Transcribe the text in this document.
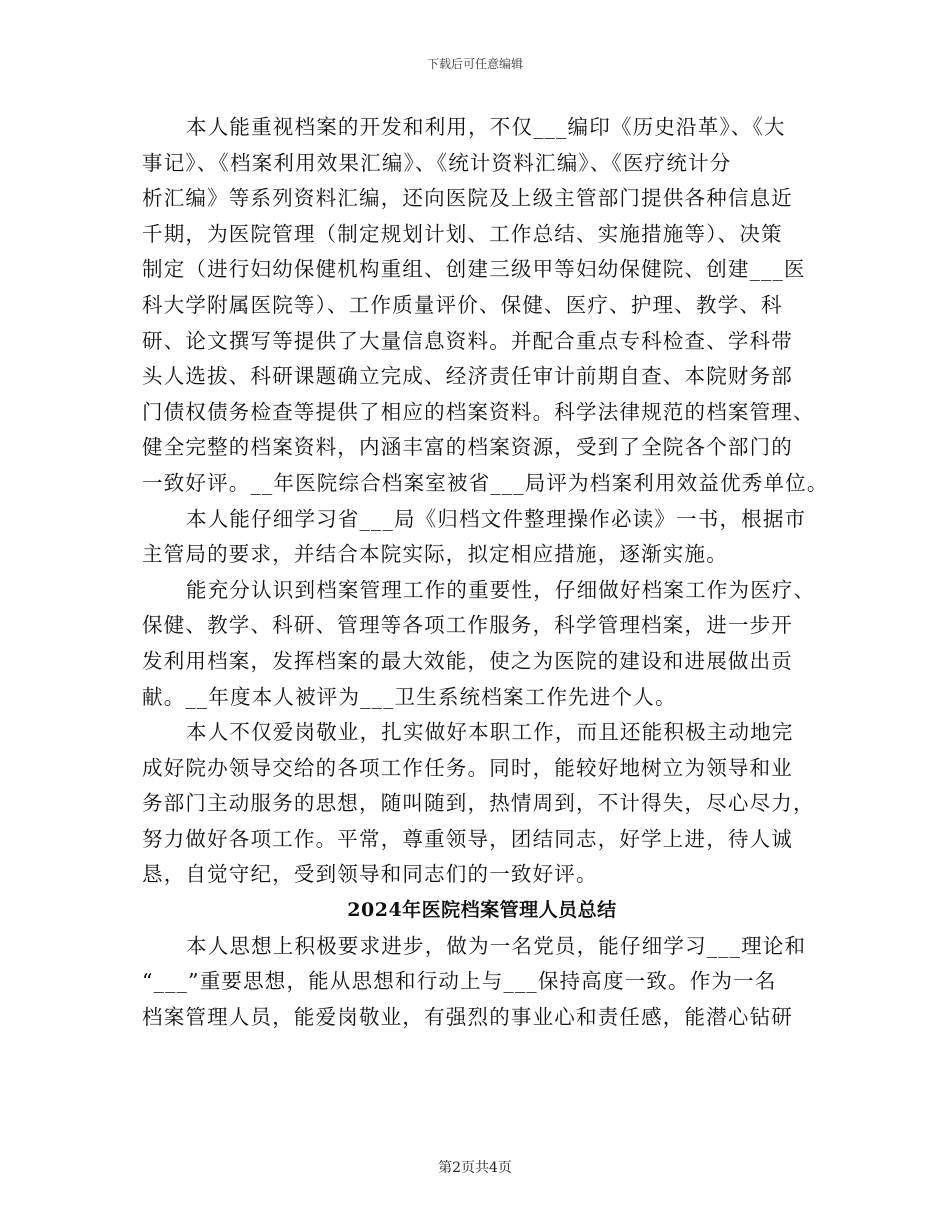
下载后可任意编辑
本人能重视档案的开发和利用，不仅___编印《历史沿革》、《大
事记》、《档案利用效果汇编》、《统计资料汇编》、《医疗统计分
析汇编》等系列资料汇编，还向医院及上级主管部门提供各种信息近
千期，为医院管理（制定规划计划、工作总结、实施措施等）、决策
制定（进行妇幼保健机构重组、创建三级甲等妇幼保健院、创建___医
科大学附属医院等）、工作质量评价、保健、医疗、护理、教学、科
研、论文撰写等提供了大量信息资料。并配合重点专科检查、学科带
头人选拔、科研课题确立完成、经济责任审计前期自查、本院财务部
门债权债务检查等提供了相应的档案资料。科学法律规范的档案管理、
健全完整的档案资料，内涵丰富的档案资源，受到了全院各个部门的
一致好评。__年医院综合档案室被省___局评为档案利用效益优秀单位。
本人能仔细学习省___局《归档文件整理操作必读》一书，根据市
主管局的要求，并结合本院实际，拟定相应措施，逐渐实施。
能充分认识到档案管理工作的重要性，仔细做好档案工作为医疗、
保健、教学、科研、管理等各项工作服务，科学管理档案，进一步开
发利用档案，发挥档案的最大效能，使之为医院的建设和进展做出贡
献。__年度本人被评为___卫生系统档案工作先进个人。
本人不仅爱岗敬业，扎实做好本职工作，而且还能积极主动地完
成好院办领导交给的各项工作任务。同时，能较好地树立为领导和业
务部门主动服务的思想，随叫随到，热情周到，不计得失，尽心尽力，
努力做好各项工作。平常，尊重领导，团结同志，好学上进，待人诚
恳，自觉守纪，受到领导和同志们的一致好评。
2024年医院档案管理人员总结
本人思想上积极要求进步，做为一名党员，能仔细学习___理论和
“___”重要思想，能从思想和行动上与___保持高度一致。作为一名
档案管理人员，能爱岗敬业，有强烈的事业心和责任感，能潜心钻研
第2页共4页
